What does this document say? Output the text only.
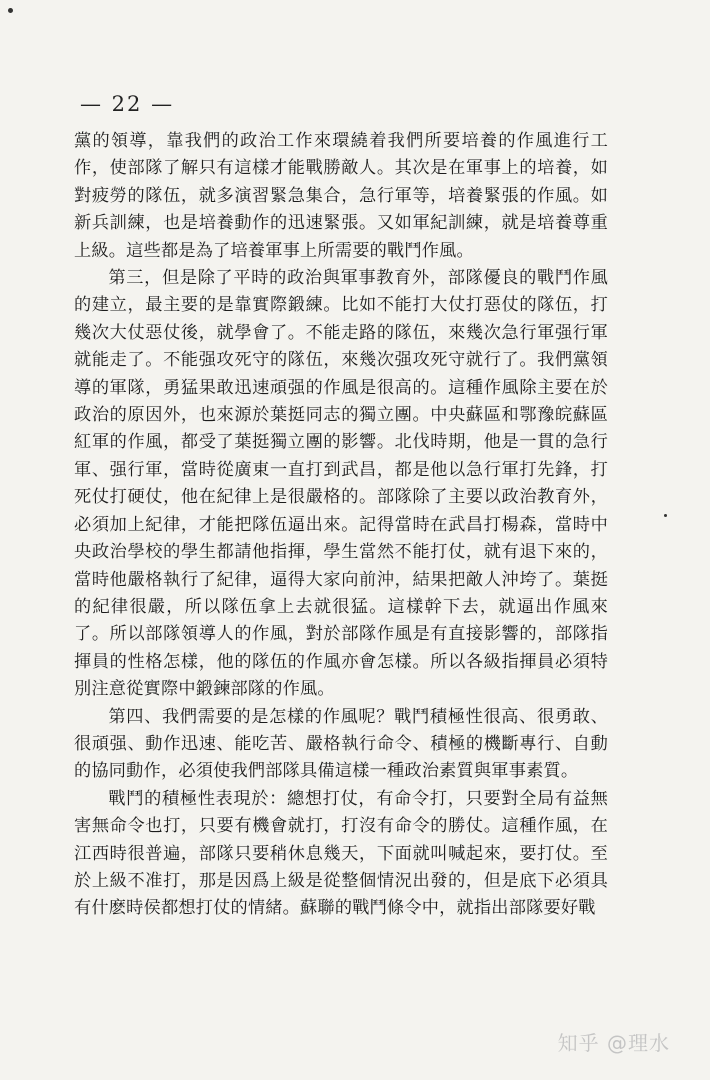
— 22 —

黨的領導，靠我們的政治工作來環繞着我們所要培養的作風進行工作，使部隊了解只有這樣才能戰勝敵人。其次是在軍事上的培養，如對疲勞的隊伍，就多演習緊急集合，急行軍等，培養緊張的作風。如新兵訓練，也是培養動作的迅速緊張。又如軍紀訓練，就是培養尊重上級。這些都是為了培養軍事上所需要的戰鬥作風。

第三，但是除了平時的政治與軍事教育外，部隊優良的戰鬥作風的建立，最主要的是靠實際鍛練。比如不能打大仗打惡仗的隊伍，打幾次大仗惡仗後，就學會了。不能走路的隊伍，來幾次急行軍强行軍就能走了。不能强攻死守的隊伍，來幾次强攻死守就行了。我們黨領導的軍隊，勇猛果敢迅速頑强的作風是很高的。這種作風除主要在於政治的原因外，也來源於葉挺同志的獨立團。中央蘇區和鄂豫皖蘇區紅軍的作風，都受了葉挺獨立團的影響。北伐時期，他是一貫的急行軍、强行軍，當時從廣東一直打到武昌，都是他以急行軍打先鋒，打死仗打硬仗，他在紀律上是很嚴格的。部隊除了主要以政治教育外，必須加上紀律，才能把隊伍逼出來。記得當時在武昌打楊森，當時中央政治學校的學生都請他指揮，學生當然不能打仗，就有退下來的，當時他嚴格執行了紀律，逼得大家向前沖，結果把敵人沖垮了。葉挺的紀律很嚴，所以隊伍拿上去就很猛。這樣幹下去，就逼出作風來了。所以部隊領導人的作風，對於部隊作風是有直接影響的，部隊指揮員的性格怎樣，他的隊伍的作風亦會怎樣。所以各級指揮員必須特別注意從實際中鍛鍊部隊的作風。

第四、我們需要的是怎樣的作風呢？戰鬥積極性很高、很勇敢、很頑强、動作迅速、能吃苦、嚴格執行命令、積極的機斷專行、自動的協同動作，必須使我們部隊具備這樣一種政治素質與軍事素質。

戰鬥的積極性表現於：總想打仗，有命令打，只要對全局有益無害無命令也打，只要有機會就打，打沒有命令的勝仗。這種作風，在江西時很普遍，部隊只要稍休息幾天，下面就叫喊起來，要打仗。至於上級不准打，那是因爲上級是從整個情況出發的，但是底下必須具有什麽時侯都想打仗的情緒。蘇聯的戰鬥條令中，就指出部隊要好戰

知乎 @理水
